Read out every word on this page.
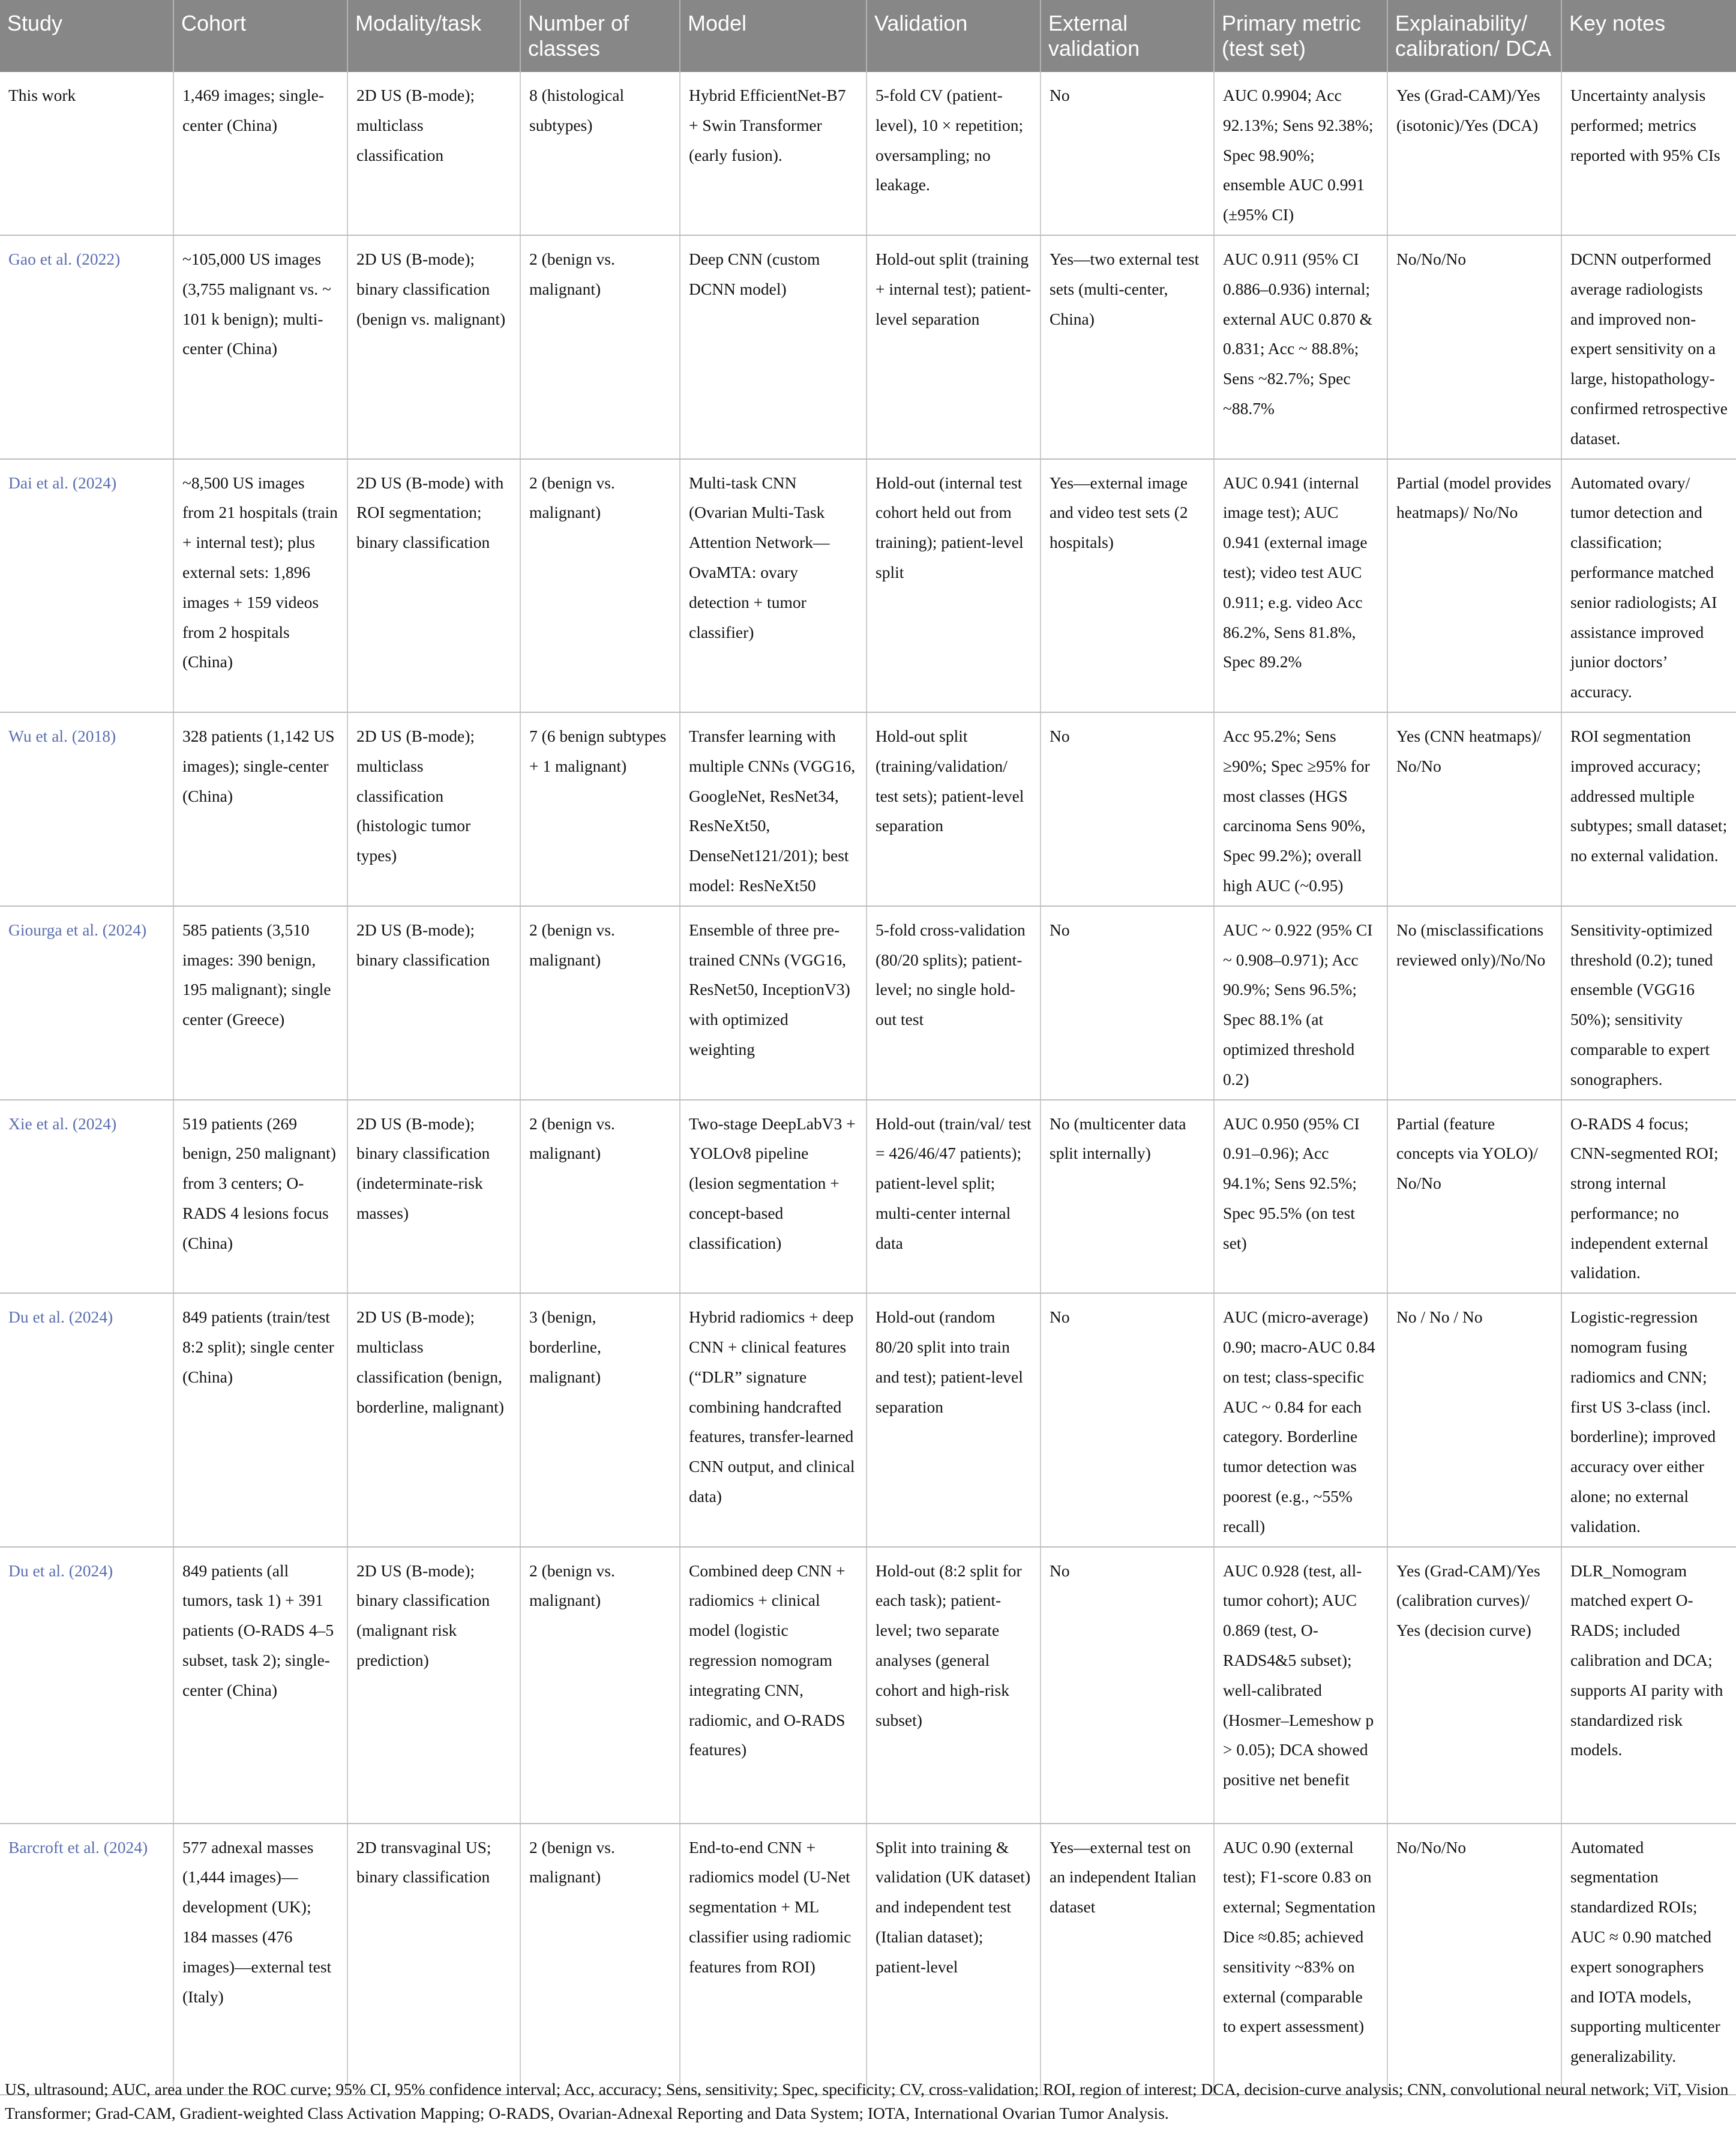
Study	Cohort	Modality/task	Number of classes	Model	Validation	External validation	Primary metric (test set)	Explainability/ calibration/ DCA	Key notes
This work	1,469 images; single-center (China)	2D US (B-mode); multiclass classification	8 (histological subtypes)	Hybrid EfficientNet-B7 + Swin Transformer (early fusion).	5-fold CV (patient-level), 10 × repetition; oversampling; no leakage.	No	AUC 0.9904; Acc 92.13%; Sens 92.38%; Spec 98.90%; ensemble AUC 0.991 (±95% CI)	Yes (Grad-CAM)/Yes (isotonic)/Yes (DCA)	Uncertainty analysis performed; metrics reported with 95% CIs
Gao et al. (2022)	~105,000 US images (3,755 malignant vs. ~ 101 k benign); multi-center (China)	2D US (B-mode); binary classification (benign vs. malignant)	2 (benign vs. malignant)	Deep CNN (custom DCNN model)	Hold-out split (training + internal test); patient-level separation	Yes—two external test sets (multi-center, China)	AUC 0.911 (95% CI 0.886–0.936) internal; external AUC 0.870 & 0.831; Acc ~ 88.8%; Sens ~82.7%; Spec ~88.7%	No/No/No	DCNN outperformed average radiologists and improved non-expert sensitivity on a large, histopathology-confirmed retrospective dataset.
Dai et al. (2024)	~8,500 US images from 21 hospitals (train + internal test); plus external sets: 1,896 images + 159 videos from 2 hospitals (China)	2D US (B-mode) with ROI segmentation; binary classification	2 (benign vs. malignant)	Multi-task CNN (Ovarian Multi-Task Attention Network—OvaMTA: ovary detection + tumor classifier)	Hold-out (internal test cohort held out from training); patient-level split	Yes—external image and video test sets (2 hospitals)	AUC 0.941 (internal image test); AUC 0.941 (external image test); video test AUC 0.911; e.g. video Acc 86.2%, Sens 81.8%, Spec 89.2%	Partial (model provides heatmaps)/ No/No	Automated ovary/ tumor detection and classification; performance matched senior radiologists; AI assistance improved junior doctors’ accuracy.
Wu et al. (2018)	328 patients (1,142 US images); single-center (China)	2D US (B-mode); multiclass classification (histologic tumor types)	7 (6 benign subtypes + 1 malignant)	Transfer learning with multiple CNNs (VGG16, GoogleNet, ResNet34, ResNeXt50, DenseNet121/201); best model: ResNeXt50	Hold-out split (training/validation/ test sets); patient-level separation	No	Acc 95.2%; Sens ≥90%; Spec ≥95% for most classes (HGS carcinoma Sens 90%, Spec 99.2%); overall high AUC (~0.95)	Yes (CNN heatmaps)/ No/No	ROI segmentation improved accuracy; addressed multiple subtypes; small dataset; no external validation.
Giourga et al. (2024)	585 patients (3,510 images: 390 benign, 195 malignant); single center (Greece)	2D US (B-mode); binary classification	2 (benign vs. malignant)	Ensemble of three pre-trained CNNs (VGG16, ResNet50, InceptionV3) with optimized weighting	5-fold cross-validation (80/20 splits); patient-level; no single hold-out test	No	AUC ~ 0.922 (95% CI ~ 0.908–0.971); Acc 90.9%; Sens 96.5%; Spec 88.1% (at optimized threshold 0.2)	No (misclassifications reviewed only)/No/No	Sensitivity-optimized threshold (0.2); tuned ensemble (VGG16 50%); sensitivity comparable to expert sonographers.
Xie et al. (2024)	519 patients (269 benign, 250 malignant) from 3 centers; O-RADS 4 lesions focus (China)	2D US (B-mode); binary classification (indeterminate-risk masses)	2 (benign vs. malignant)	Two-stage DeepLabV3 + YOLOv8 pipeline (lesion segmentation + concept-based classification)	Hold-out (train/val/ test = 426/46/47 patients); patient-level split; multi-center internal data	No (multicenter data split internally)	AUC 0.950 (95% CI 0.91–0.96); Acc 94.1%; Sens 92.5%; Spec 95.5% (on test set)	Partial (feature concepts via YOLO)/ No/No	O-RADS 4 focus; CNN-segmented ROI; strong internal performance; no independent external validation.
Du et al. (2024)	849 patients (train/test 8:2 split); single center (China)	2D US (B-mode); multiclass classification (benign, borderline, malignant)	3 (benign, borderline, malignant)	Hybrid radiomics + deep CNN + clinical features (“DLR” signature combining handcrafted features, transfer-learned CNN output, and clinical data)	Hold-out (random 80/20 split into train and test); patient-level separation	No	AUC (micro-average) 0.90; macro-AUC 0.84 on test; class-specific AUC ~ 0.84 for each category. Borderline tumor detection was poorest (e.g., ~55% recall)	No / No / No	Logistic-regression nomogram fusing radiomics and CNN; first US 3-class (incl. borderline); improved accuracy over either alone; no external validation.
Du et al. (2024)	849 patients (all tumors, task 1) + 391 patients (O-RADS 4–5 subset, task 2); single-center (China)	2D US (B-mode); binary classification (malignant risk prediction)	2 (benign vs. malignant)	Combined deep CNN + radiomics + clinical model (logistic regression nomogram integrating CNN, radiomic, and O-RADS features)	Hold-out (8:2 split for each task); patient-level; two separate analyses (general cohort and high-risk subset)	No	AUC 0.928 (test, all-tumor cohort); AUC 0.869 (test, O-RADS4&5 subset); well-calibrated (Hosmer–Lemeshow p > 0.05); DCA showed positive net benefit	Yes (Grad-CAM)/Yes (calibration curves)/ Yes (decision curve)	DLR_Nomogram matched expert O-RADS; included calibration and DCA; supports AI parity with standardized risk models.
Barcroft et al. (2024)	577 adnexal masses (1,444 images)—development (UK); 184 masses (476 images)—external test (Italy)	2D transvaginal US; binary classification	2 (benign vs. malignant)	End-to-end CNN + radiomics model (U-Net segmentation + ML classifier using radiomic features from ROI)	Split into training & validation (UK dataset) and independent test (Italian dataset); patient-level	Yes—external test on an independent Italian dataset	AUC 0.90 (external test); F1-score 0.83 on external; Segmentation Dice ≈0.85; achieved sensitivity ~83% on external (comparable to expert assessment)	No/No/No	Automated segmentation standardized ROIs; AUC ≈ 0.90 matched expert sonographers and IOTA models, supporting multicenter generalizability.
US, ultrasound; AUC, area under the ROC curve; 95% CI, 95% confidence interval; Acc, accuracy; Sens, sensitivity; Spec, specificity; CV, cross-validation; ROI, region of interest; DCA, decision-curve analysis; CNN, convolutional neural network; ViT, Vision Transformer; Grad-CAM, Gradient-weighted Class Activation Mapping; O-RADS, Ovarian-Adnexal Reporting and Data System; IOTA, International Ovarian Tumor Analysis.
